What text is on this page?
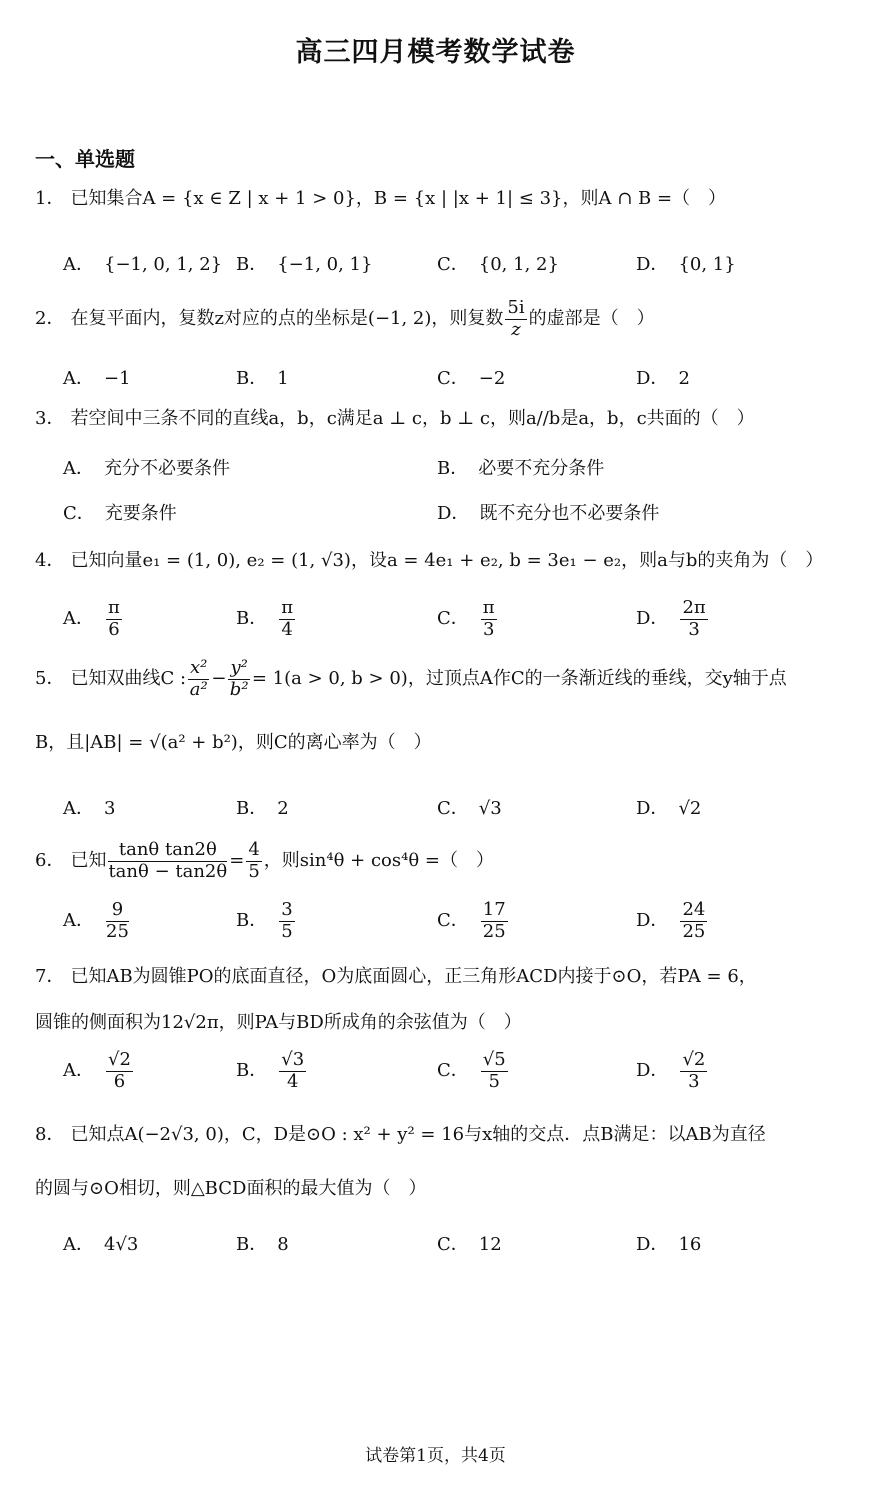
高三四月模考数学试卷
一、单选题
1． 已知集合A = {x ∈ Z | x + 1 > 0}，B = {x | |x + 1| ≤ 3}，则A ∩ B =（　）
A． {−1, 0, 1, 2} B． {−1, 0, 1}	C． {0, 1, 2}	D． {0, 1}
2． 在复平面内，复数z对应的点的坐标是(−1, 2)，则复数 $\frac{5i}{z}$ 的虚部是（　）
A． −1	B． 1	C． −2	D． 2
3． 若空间中三条不同的直线a，b，c满足a ⊥ c，b ⊥ c，则a//b是a，b，c共面的（　）
A． 充分不必要条件	B． 必要不充分条件
C． 充要条件	D． 既不充分也不必要条件
4． 已知向量e₁ = (1, 0), e₂ = (1, √3)，设a = 4e₁ + e₂, b = 3e₁ − e₂，则a与b的夹角为（　）
A． $\frac{\pi}{6}$	B． $\frac{\pi}{4}$	C． $\frac{\pi}{3}$	D． $\frac{2\pi}{3}$
5． 已知双曲线C : $\frac{\text{x²}}{\text{a²}} - \frac{\text{y²}}{\text{b²}} = 1(a > 0$, b > 0)，过顶点A作C的一条渐近线的垂线，交y轴于点
B，且|AB| = √(a² + b²)，则C的离心率为（　）
A． 3	B． 2	C． √3	D． √2
6． 已知 $\frac{\text{tanθ tan2θ}}{\tan\theta - \tan 2\theta} = \frac{4}{5}$ ，则sin⁴θ + cos⁴θ =（　）
A． $\frac{9}{25}$	B． $\frac{3}{5}$	C． $\frac{17}{25}$	D． $\frac{24}{25}$
7． 已知AB为圆锥PO的底面直径，O为底面圆心，正三角形ACD内接于⊙O，若PA = 6，
圆锥的侧面积为12√2π，则PA与BD所成角的余弦值为（　）
A． $\frac{√2}{6}$	B． $\frac{√3}{4}$	C． $\frac{√5}{5}$	D． $\frac{√2}{3}$
8． 已知点A(−2√3, 0)，C，D是⊙O : x² + y² = 16与x轴的交点．点B满足：以AB为直径
的圆与⊙O相切，则△BCD面积的最大值为（　）
A． 4√3	B． 8	C． 12	D． 16
试卷第1页，共4页
